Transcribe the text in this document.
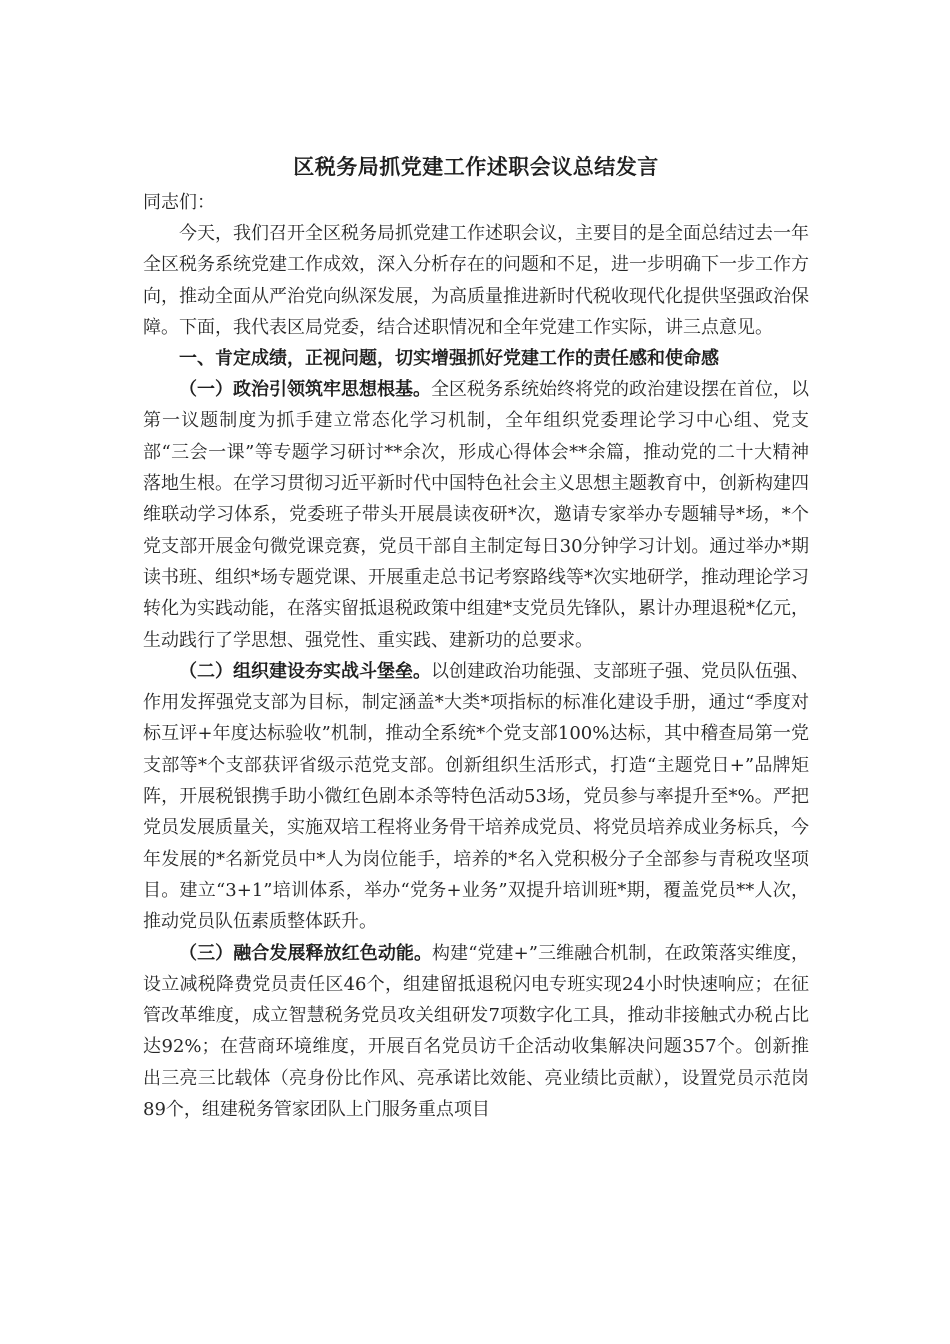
区税务局抓党建工作述职会议总结发言

同志们：

今天，我们召开全区税务局抓党建工作述职会议，主要目的是全面总结过去一年全区税务系统党建工作成效，深入分析存在的问题和不足，进一步明确下一步工作方向，推动全面从严治党向纵深发展，为高质量推进新时代税收现代化提供坚强政治保障。下面，我代表区局党委，结合述职情况和全年党建工作实际，讲三点意见。

一、肯定成绩，正视问题，切实增强抓好党建工作的责任感和使命感

（一）政治引领筑牢思想根基。全区税务系统始终将党的政治建设摆在首位，以第一议题制度为抓手建立常态化学习机制，全年组织党委理论学习中心组、党支部“三会一课”等专题学习研讨**余次，形成心得体会**余篇，推动党的二十大精神落地生根。在学习贯彻习近平新时代中国特色社会主义思想主题教育中，创新构建四维联动学习体系，党委班子带头开展晨读夜研*次，邀请专家举办专题辅导*场，*个党支部开展金句微党课竞赛，党员干部自主制定每日30分钟学习计划。通过举办*期读书班、组织*场专题党课、开展重走总书记考察路线等*次实地研学，推动理论学习转化为实践动能，在落实留抵退税政策中组建*支党员先锋队，累计办理退税*亿元，生动践行了学思想、强党性、重实践、建新功的总要求。

（二）组织建设夯实战斗堡垒。以创建政治功能强、支部班子强、党员队伍强、作用发挥强党支部为目标，制定涵盖*大类*项指标的标准化建设手册，通过“季度对标互评+年度达标验收”机制，推动全系统*个党支部100%达标，其中稽查局第一党支部等*个支部获评省级示范党支部。创新组织生活形式，打造“主题党日+”品牌矩阵，开展税银携手助小微红色剧本杀等特色活动53场，党员参与率提升至*%。严把党员发展质量关，实施双培工程将业务骨干培养成党员、将党员培养成业务标兵，今年发展的*名新党员中*人为岗位能手，培养的*名入党积极分子全部参与青税攻坚项目。建立“3+1”培训体系，举办“党务+业务”双提升培训班*期，覆盖党员**人次，推动党员队伍素质整体跃升。

（三）融合发展释放红色动能。构建“党建+”三维融合机制，在政策落实维度，设立减税降费党员责任区46个，组建留抵退税闪电专班实现24小时快速响应；在征管改革维度，成立智慧税务党员攻关组研发7项数字化工具，推动非接触式办税占比达92%；在营商环境维度，开展百名党员访千企活动收集解决问题357个。创新推出三亮三比载体（亮身份比作风、亮承诺比效能、亮业绩比贡献），设置党员示范岗89个，组建税务管家团队上门服务重点项目
